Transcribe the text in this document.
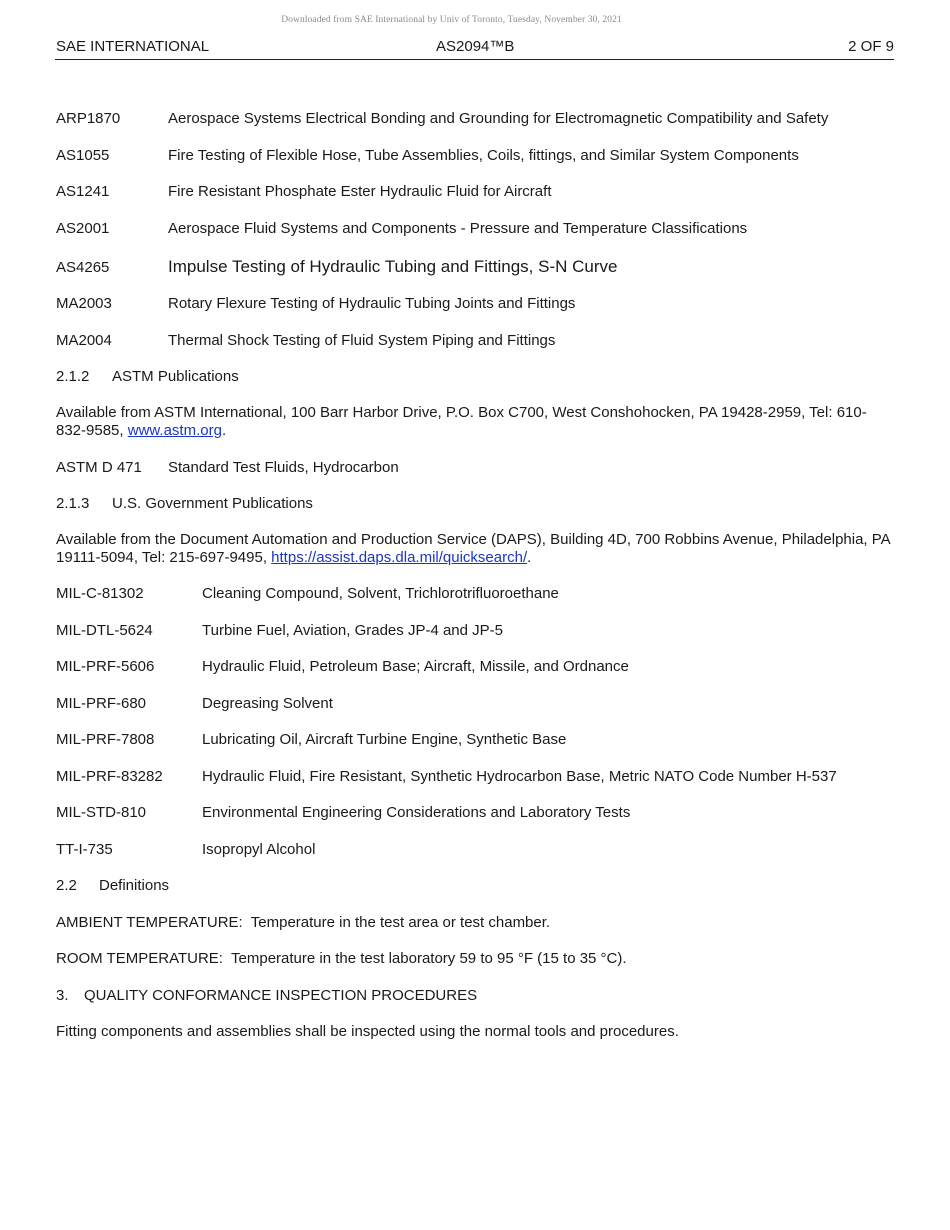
Downloaded from SAE International by Univ of Toronto, Tuesday, November 30, 2021
SAE INTERNATIONAL	AS2094™B	2 OF 9
ARP1870	Aerospace Systems Electrical Bonding and Grounding for Electromagnetic Compatibility and Safety
AS1055	Fire Testing of Flexible Hose, Tube Assemblies, Coils, fittings, and Similar System Components
AS1241	Fire Resistant Phosphate Ester Hydraulic Fluid for Aircraft
AS2001	Aerospace Fluid Systems and Components - Pressure and Temperature Classifications
AS4265	Impulse Testing of Hydraulic Tubing and Fittings, S-N Curve
MA2003	Rotary Flexure Testing of Hydraulic Tubing Joints and Fittings
MA2004	Thermal Shock Testing of Fluid System Piping and Fittings
2.1.2 ASTM Publications
Available from ASTM International, 100 Barr Harbor Drive, P.O. Box C700, West Conshohocken, PA 19428-2959, Tel: 610-832-9585, www.astm.org.
ASTM D 471 Standard Test Fluids, Hydrocarbon
2.1.3 U.S. Government Publications
Available from the Document Automation and Production Service (DAPS), Building 4D, 700 Robbins Avenue, Philadelphia, PA 19111-5094, Tel: 215-697-9495, https://assist.daps.dla.mil/quicksearch/.
MIL-C-81302	Cleaning Compound, Solvent, Trichlorotrifluoroethane
MIL-DTL-5624	Turbine Fuel, Aviation, Grades JP-4 and JP-5
MIL-PRF-5606	Hydraulic Fluid, Petroleum Base; Aircraft, Missile, and Ordnance
MIL-PRF-680	Degreasing Solvent
MIL-PRF-7808	Lubricating Oil, Aircraft Turbine Engine, Synthetic Base
MIL-PRF-83282	Hydraulic Fluid, Fire Resistant, Synthetic Hydrocarbon Base, Metric NATO Code Number H-537
MIL-STD-810	Environmental Engineering Considerations and Laboratory Tests
TT-I-735	Isopropyl Alcohol
2.2 Definitions
AMBIENT TEMPERATURE:  Temperature in the test area or test chamber.
ROOM TEMPERATURE:  Temperature in the test laboratory 59 to 95 °F (15 to 35 °C).
3. QUALITY CONFORMANCE INSPECTION PROCEDURES
Fitting components and assemblies shall be inspected using the normal tools and procedures.
